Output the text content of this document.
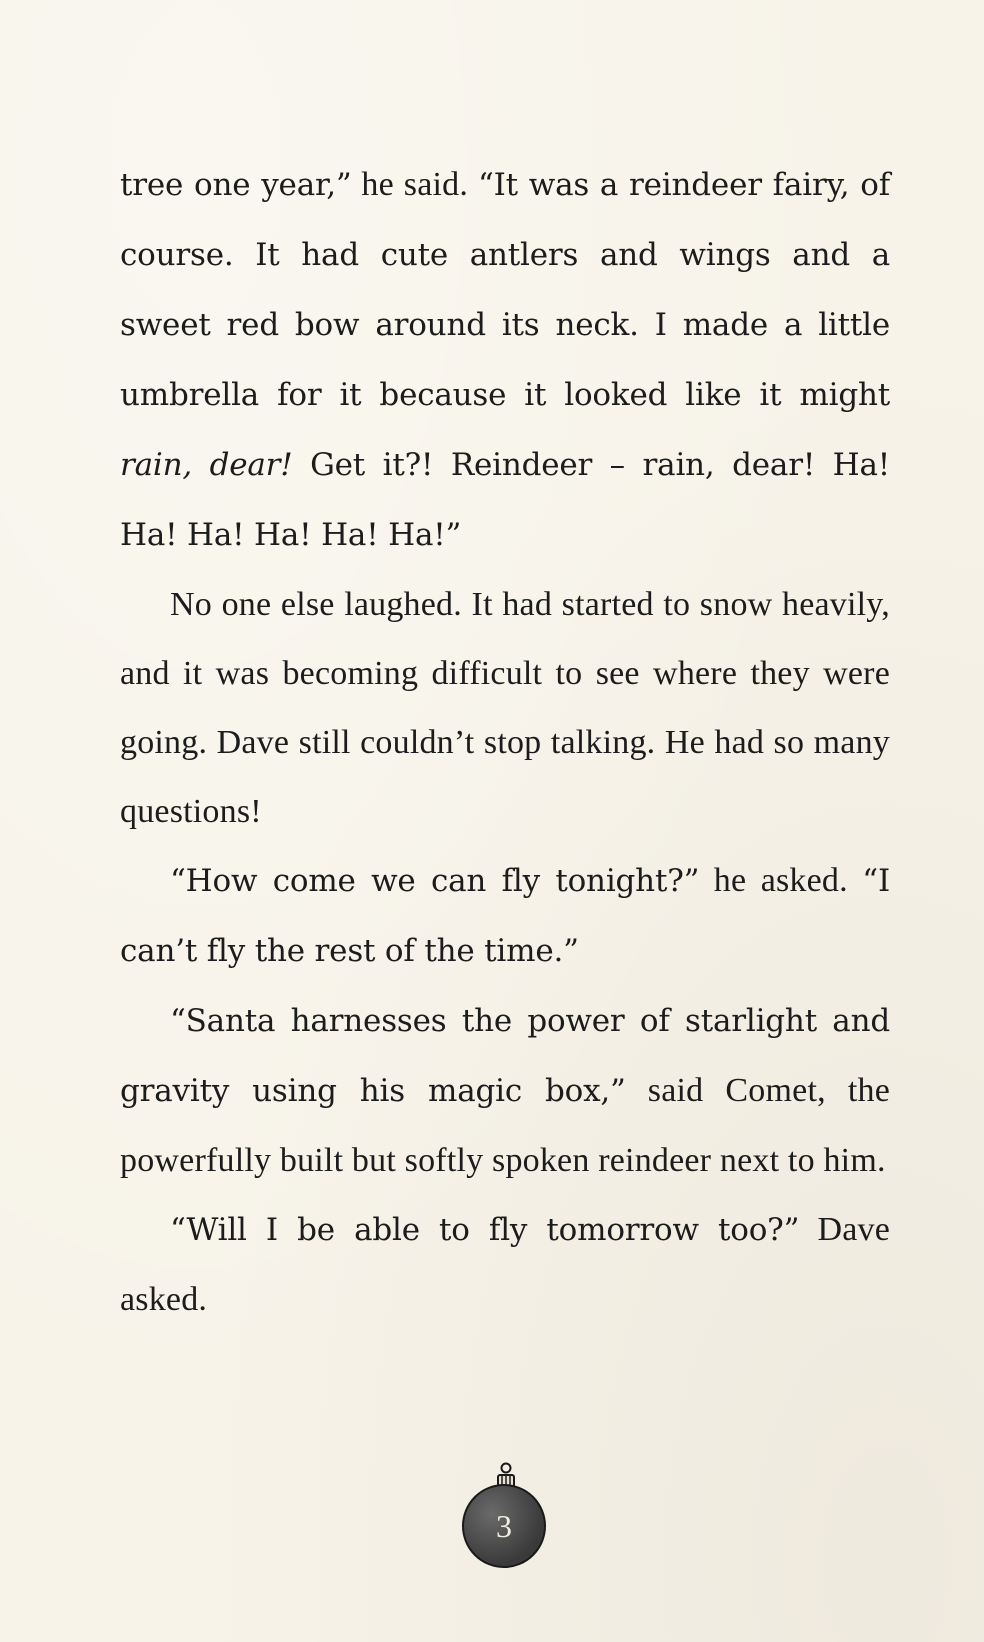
tree one year,” he said. “It was a reindeer fairy, of course. It had cute antlers and wings and a sweet red bow around its neck. I made a little umbrella for it because it looked like it might rain, dear! Get it?! Reindeer – rain, dear! Ha! Ha! Ha! Ha! Ha! Ha!”

No one else laughed. It had started to snow heavily, and it was becoming difficult to see where they were going. Dave still couldn’t stop talking. He had so many questions!

“How come we can fly tonight?” he asked. “I can’t fly the rest of the time.”

“Santa harnesses the power of starlight and gravity using his magic box,” said Comet, the powerfully built but softly spoken reindeer next to him.

“Will I be able to fly tomorrow too?” Dave asked.

3
